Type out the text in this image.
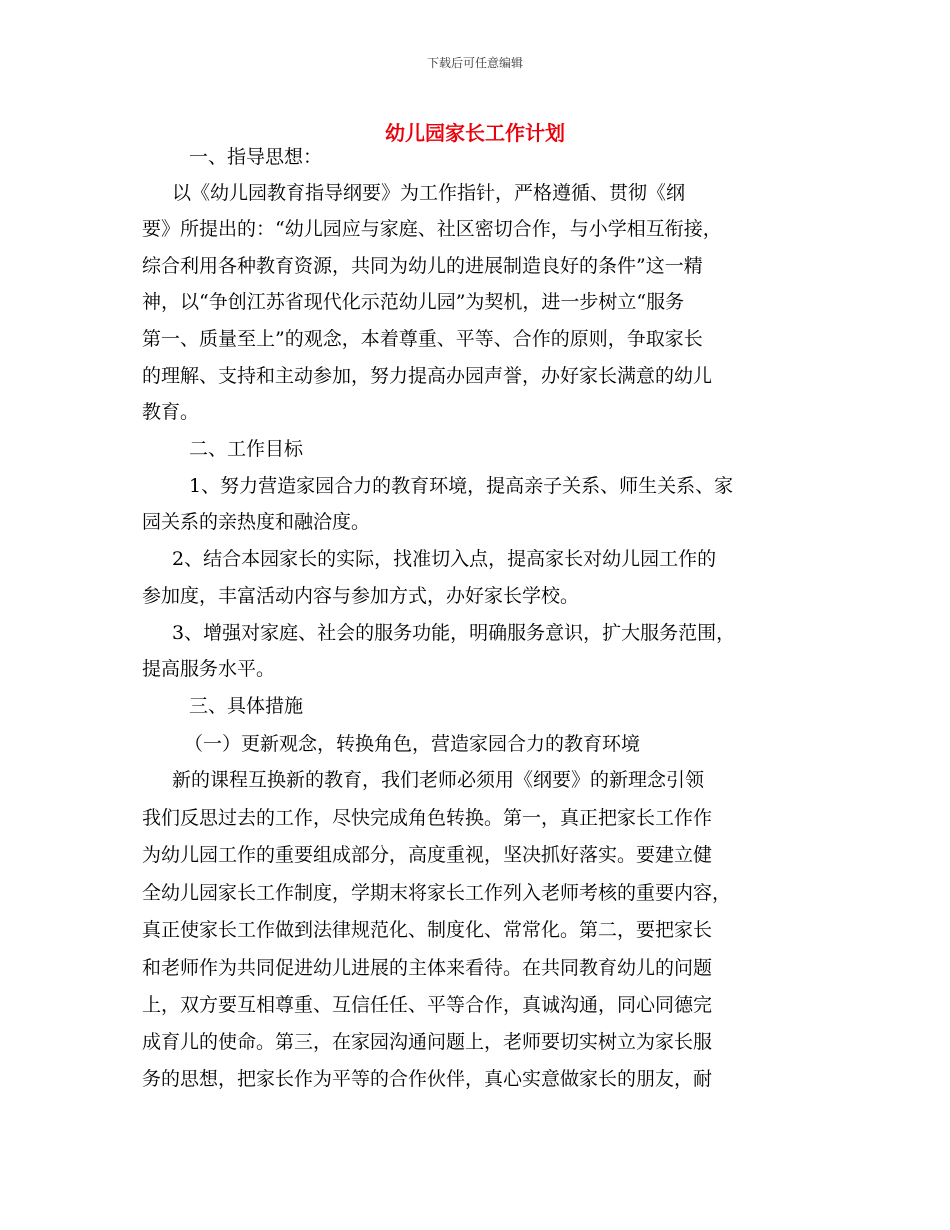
下载后可任意编辑
幼儿园家长工作计划
一、指导思想：
以《幼儿园教育指导纲要》为工作指针，严格遵循、贯彻《纲
要》所提出的：“幼儿园应与家庭、社区密切合作，与小学相互衔接，
综合利用各种教育资源，共同为幼儿的进展制造良好的条件”这一精
神，以“争创江苏省现代化示范幼儿园”为契机，进一步树立“服务
第一、质量至上”的观念，本着尊重、平等、合作的原则，争取家长
的理解、支持和主动参加，努力提高办园声誉，办好家长满意的幼儿
教育。
二、工作目标
1、努力营造家园合力的教育环境，提高亲子关系、师生关系、家
园关系的亲热度和融洽度。
2、结合本园家长的实际，找准切入点，提高家长对幼儿园工作的
参加度，丰富活动内容与参加方式，办好家长学校。
3、增强对家庭、社会的服务功能，明确服务意识，扩大服务范围，
提高服务水平。
三、具体措施
（一）更新观念，转换角色，营造家园合力的教育环境
新的课程互换新的教育，我们老师必须用《纲要》的新理念引领
我们反思过去的工作，尽快完成角色转换。第一，真正把家长工作作
为幼儿园工作的重要组成部分，高度重视，坚决抓好落实。要建立健
全幼儿园家长工作制度，学期末将家长工作列入老师考核的重要内容，
真正使家长工作做到法律规范化、制度化、常常化。第二，要把家长
和老师作为共同促进幼儿进展的主体来看待。在共同教育幼儿的问题
上，双方要互相尊重、互信任任、平等合作，真诚沟通，同心同德完
成育儿的使命。第三，在家园沟通问题上，老师要切实树立为家长服
务的思想，把家长作为平等的合作伙伴，真心实意做家长的朋友，耐
